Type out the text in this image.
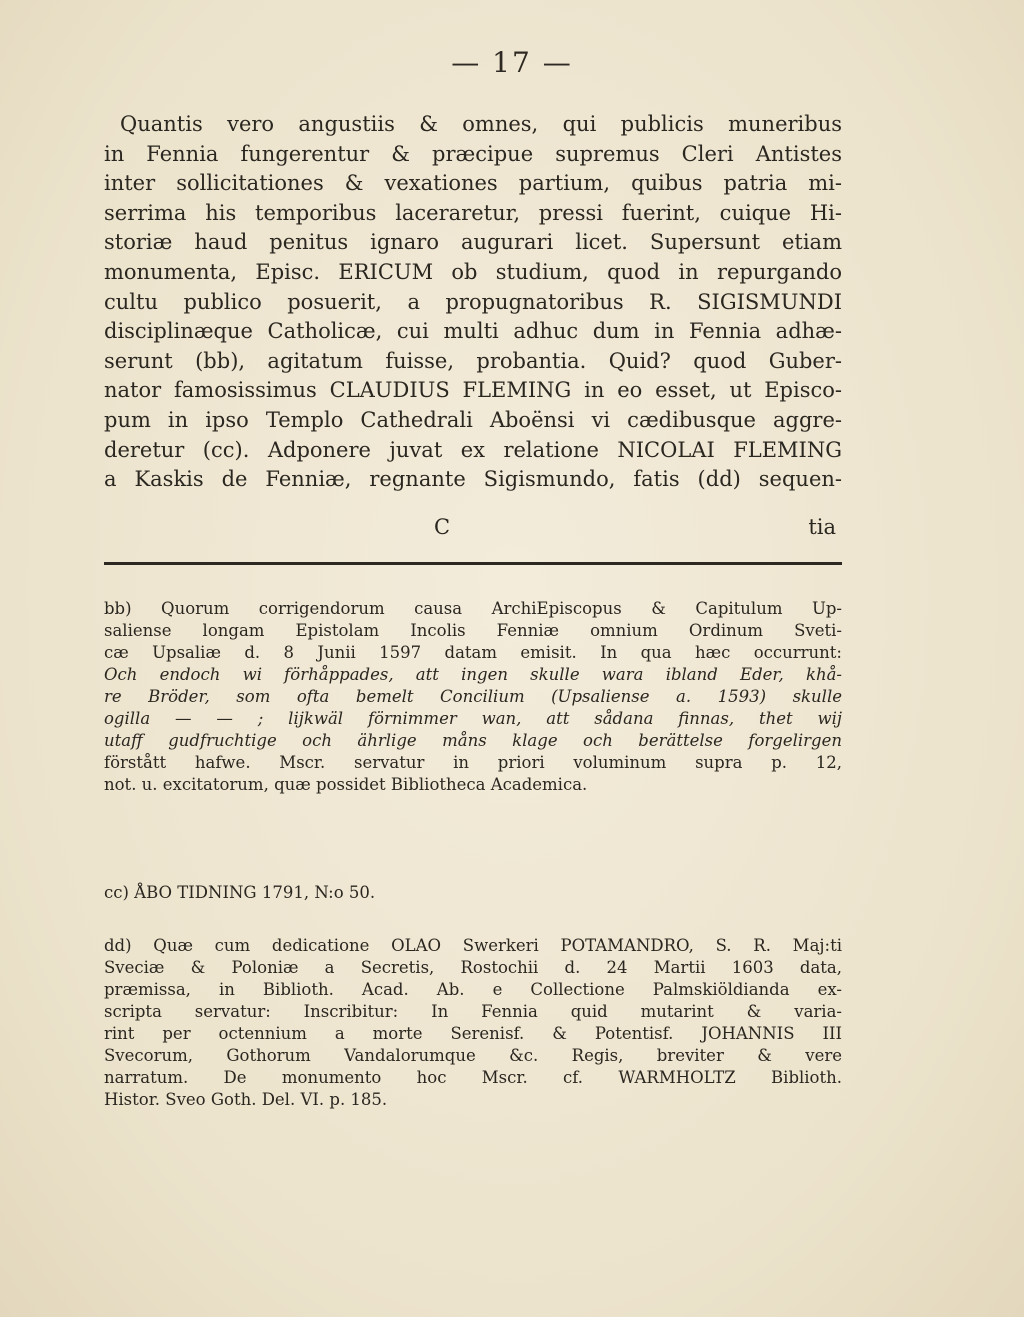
— 17 —
Quantis vero angustiis & omnes, qui publicis muneribus
in Fennia fungerentur & præcipue supremus Cleri Antistes
inter sollicitationes & vexationes partium, quibus patria mi-
serrima his temporibus laceraretur, pressi fuerint, cuique Hi-
storiæ haud penitus ignaro augurari licet. Supersunt etiam
monumenta, Episc. ERICUM ob studium, quod in repurgando
cultu publico posuerit, a propugnatoribus R. SIGISMUNDI
disciplinæque Catholicæ, cui multi adhuc dum in Fennia adhæ-
serunt (bb), agitatum fuisse, probantia. Quid? quod Guber-
nator famosissimus CLAUDIUS FLEMING in eo esset, ut Episco-
pum in ipso Templo Cathedrali Aboënsi vi cædibusque aggre-
deretur (cc). Adponere juvat ex relatione NICOLAI FLEMING
a Kaskis de Fenniæ, regnante Sigismundo, fatis (dd) sequen-
C	tia
bb) Quorum corrigendorum causa ArchiEpiscopus & Capitulum Up-
saliense longam Epistolam Incolis Fenniæ omnium Ordinum Sveti-
cæ Upsaliæ d. 8 Junii 1597 datam emisit. In qua hæc occurrunt:
Och endoch wi förhåppades, att ingen skulle wara ibland Eder, khå-
re Bröder, som ofta bemelt Concilium (Upsaliense a. 1593) skulle
ogilla — — ; lijkwäl förnimmer wan, att sådana finnas, thet wij
utaff gudfruchtige och ährlige måns klage och berättelse forgelirgen
förstått hafwe. Mscr. servatur in priori voluminum supra p. 12,
not. u. excitatorum, quæ possidet Bibliotheca Academica.
cc) ÅBO TIDNING 1791, N:o 50.
dd) Quæ cum dedicatione OLAO Swerkeri POTAMANDRO, S. R. Maj:ti
Sveciæ & Poloniæ a Secretis, Rostochii d. 24 Martii 1603 data,
præmissa, in Biblioth. Acad. Ab. e Collectione Palmskiöldianda ex-
scripta servatur: Inscribitur: In Fennia quid mutarint & varia-
rint per octennium a morte Serenisf. & Potentisf. JOHANNIS III
Svecorum, Gothorum Vandalorumque &c. Regis, breviter & vere
narratum. De monumento hoc Mscr. cf. WARMHOLTZ Biblioth.
Histor. Sveo Goth. Del. VI. p. 185.
